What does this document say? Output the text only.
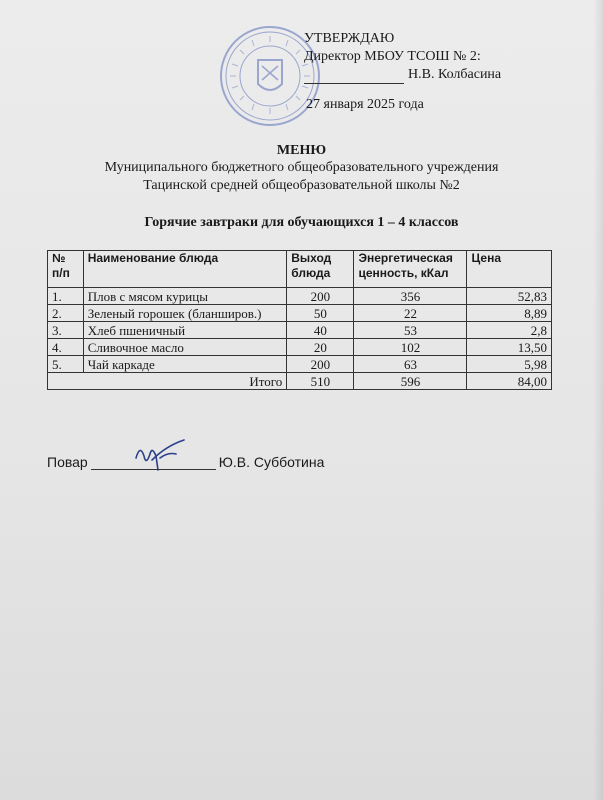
УТВЕРЖДАЮ
Директор МБОУ ТСОШ № 2:
Н.В. Колбасина
27 января 2025 года
МЕНЮ
Муниципального бюджетного общеобразовательного учреждения
Тацинской средней общеобразовательной школы №2
Горячие завтраки для обучающихся 1 – 4 классов
№ п/п	Наименование блюда	Выход блюда	Энергетическая ценность, кКал	Цена
1.	Плов с мясом курицы	200	356	52,83
2.	Зеленый горошек (бланширов.)	50	22	8,89
3.	Хлеб пшеничный	40	53	2,8
4.	Сливочное масло	20	102	13,50
5.	Чай каркаде	200	63	5,98
Итого		510	596	84,00
Повар	Ю.В. Субботина
